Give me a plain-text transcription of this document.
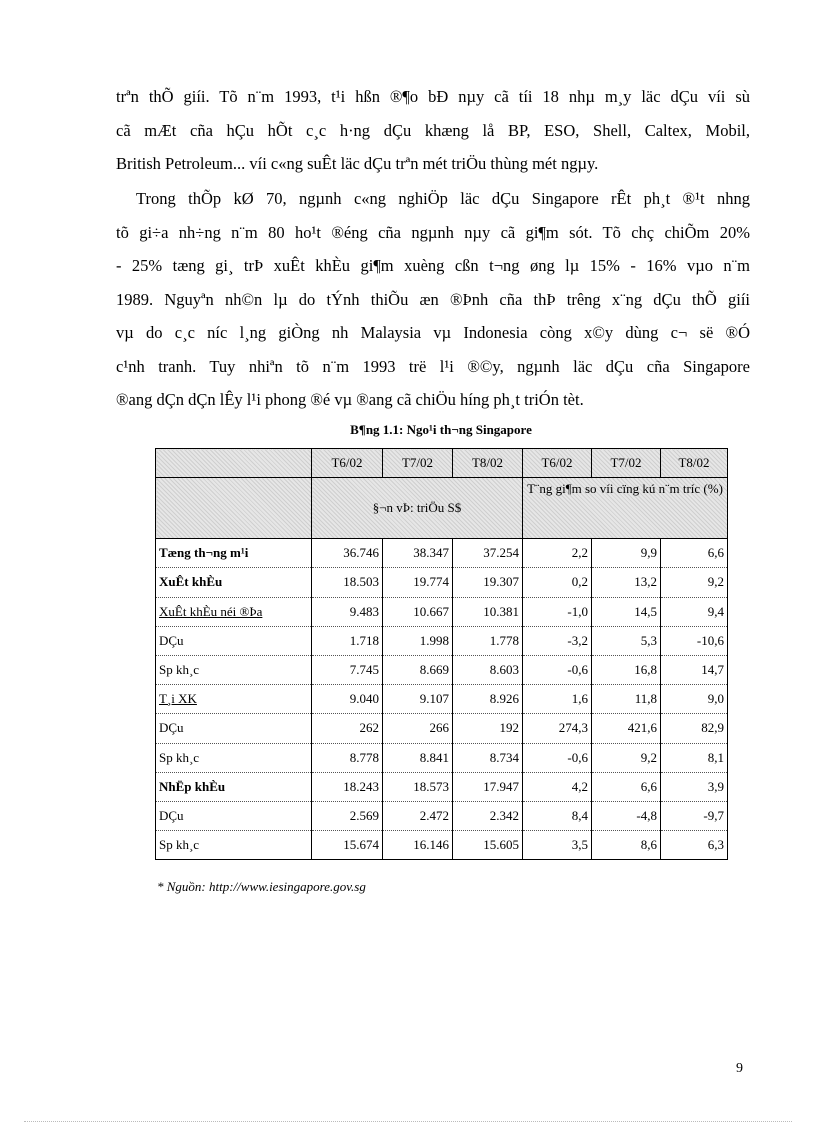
trªn thÕ giíi. Tõ n¨m 1993, t¹i hßn ®¶o bÐ nµy cã tíi 18 nhµ m¸y läc dÇu víi sù
cã mÆt cña hÇu hÕt c¸c h·ng dÇu khæng lå BP, ESO, Shell, Caltex, Mobil,
British Petroleum... víi c«ng suÊt läc dÇu trªn mét triÖu thùng mét ngµy.
Trong thÕp kØ 70, ngµnh c«ng nghiÖp läc dÇu Singapore rÊt ph¸t ®¹t nhng
tõ gi÷a nh÷ng n¨m 80 ho¹t ®éng cña ngµnh nµy cã gi¶m sót. Tõ chç chiÕm 20%
- 25% tæng gi¸ trÞ xuÊt khÈu gi¶m xuèng cßn t¬ng øng lµ 15% - 16% vµo n¨m
1989. Nguyªn nh©n lµ do tÝnh thiÕu æn ®Þnh cña thÞ trêng x¨ng dÇu thÕ giíi
vµ do c¸c níc l¸ng giÒng nh Malaysia vµ Indonesia còng x©y dùng c¬ së ®Ó
c¹nh tranh. Tuy nhiªn tõ n¨m 1993 trë l¹i ®©y, ngµnh läc dÇu cña Singapore
®ang dÇn dÇn lÊy l¹i phong ®é vµ ®ang cã chiÖu híng ph¸t triÓn tèt.
B¶ng 1.1: Ngo¹i th¬ng Singapore
	T6/02	T7/02	T8/02	T6/02	T7/02	T8/02
	§¬n vÞ: triÖu S$			T¨ng gi¶m so víi cïng kú n¨m tríc (%)		
Tæng th¬ng m¹i	36.746	38.347	37.254	2,2	9,9	6,6
XuÊt khÈu	18.503	19.774	19.307	0,2	13,2	9,2
XuÊt khÈu néi ®Þa	9.483	10.667	10.381	-1,0	14,5	9,4
DÇu	1.718	1.998	1.778	-3,2	5,3	-10,6
Sp kh¸c	7.745	8.669	8.603	-0,6	16,8	14,7
T¸i XK	9.040	9.107	8.926	1,6	11,8	9,0
DÇu	262	266	192	274,3	421,6	82,9
Sp kh¸c	8.778	8.841	8.734	-0,6	9,2	8,1
NhËp khÈu	18.243	18.573	17.947	4,2	6,6	3,9
DÇu	2.569	2.472	2.342	8,4	-4,8	-9,7
Sp kh¸c	15.674	16.146	15.605	3,5	8,6	6,3
* Nguồn: http://www.iesingapore.gov.sg
9
